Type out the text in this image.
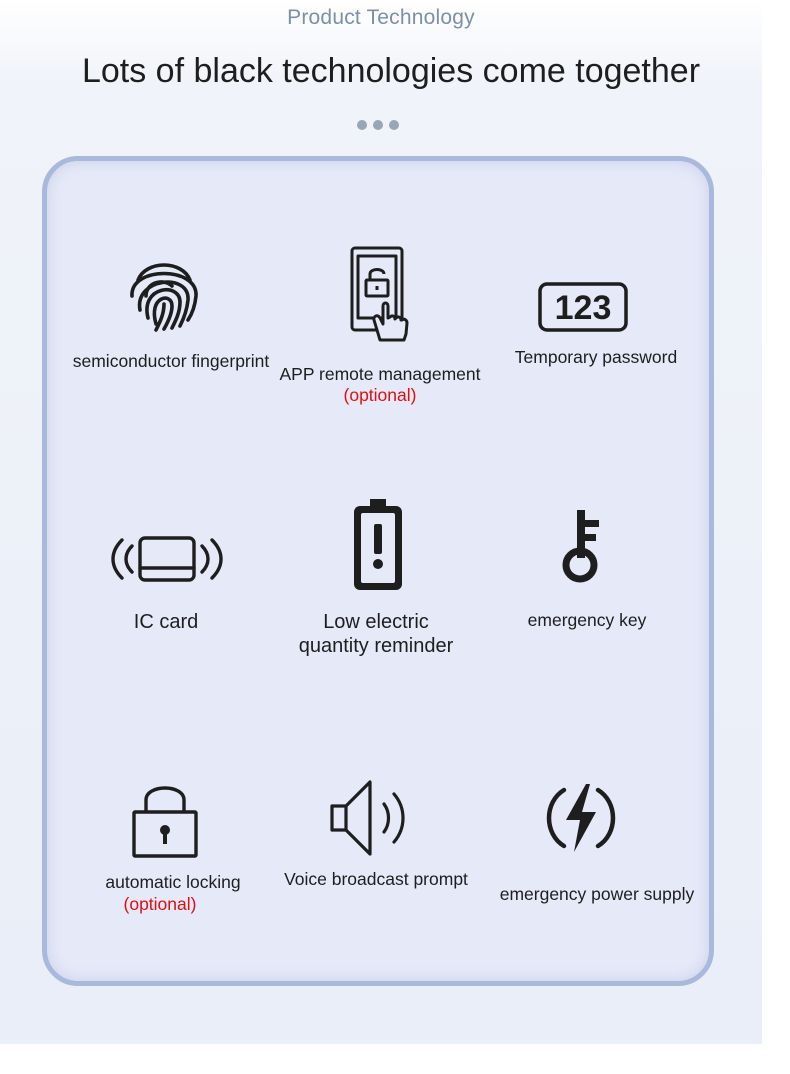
Product Technology
Lots of black technologies come together
semiconductor fingerprint
APP remote management
(optional)
123
Temporary password
IC card	Low electric
quantity reminder
emergency key
automatic locking
(optional)
Voice broadcast prompt
emergency power supply
